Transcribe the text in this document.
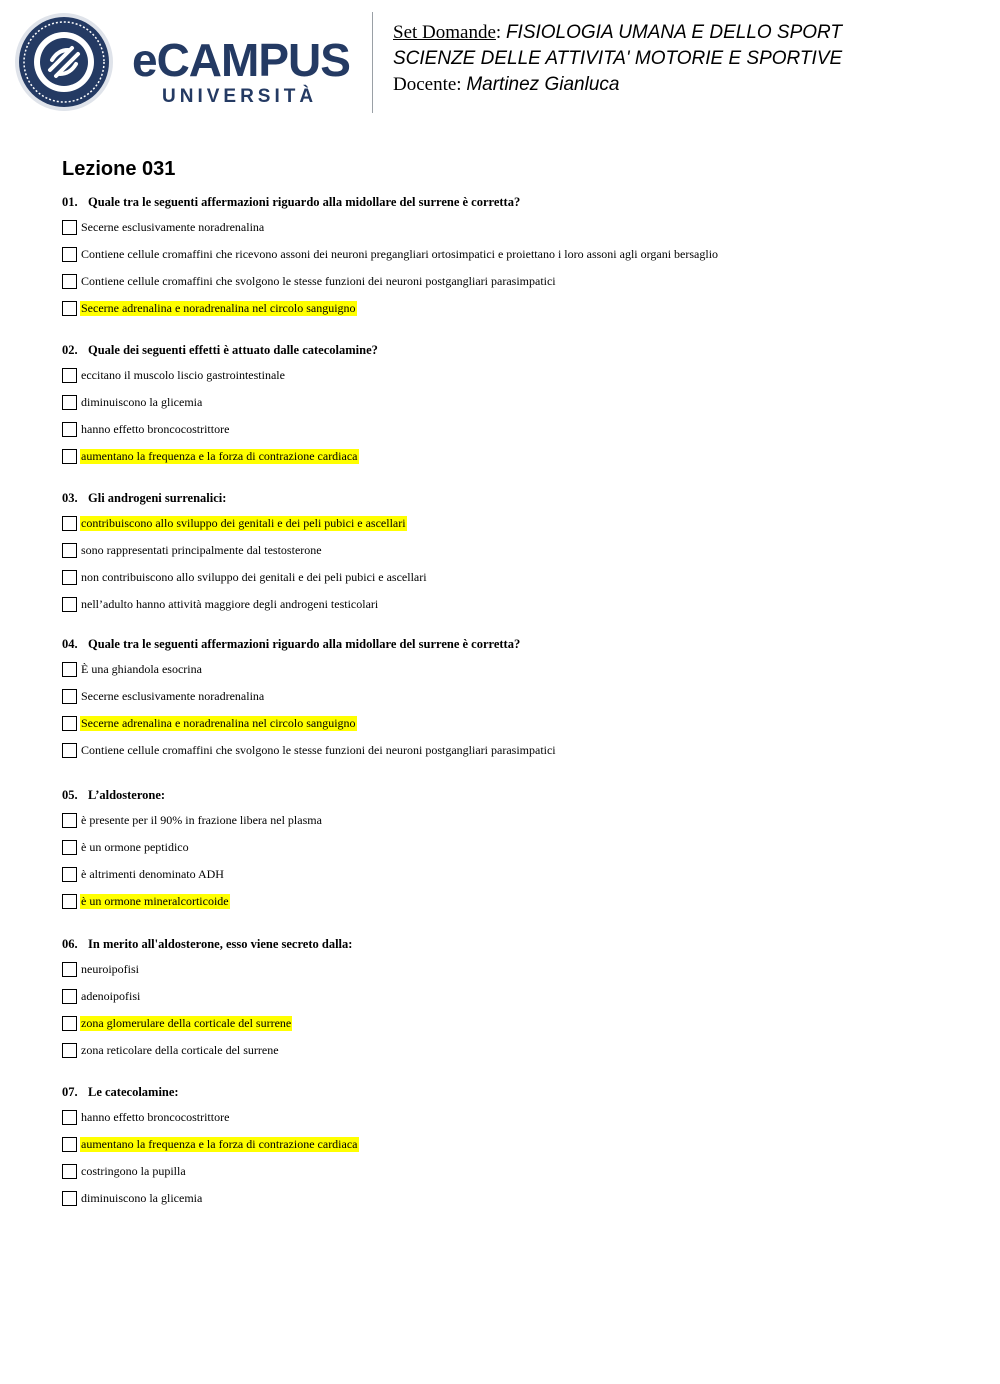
eCAMPUS
UNIVERSITÀ
Set Domande: FISIOLOGIA UMANA E DELLO SPORT
SCIENZE DELLE ATTIVITA' MOTORIE E SPORTIVE
Docente: Martinez Gianluca
Lezione 031
01. Quale tra le seguenti affermazioni riguardo alla midollare del surrene è corretta?
Secerne esclusivamente noradrenalina
Contiene cellule cromaffini che ricevono assoni dei neuroni pregangliari ortosimpatici e proiettano i loro assoni agli organi bersaglio
Contiene cellule cromaffini che svolgono le stesse funzioni dei neuroni postgangliari parasimpatici
Secerne adrenalina e noradrenalina nel circolo sanguigno
02. Quale dei seguenti effetti è attuato dalle catecolamine?
eccitano il muscolo liscio gastrointestinale
diminuiscono la glicemia
hanno effetto broncocostrittore
aumentano la frequenza e la forza di contrazione cardiaca
03. Gli androgeni surrenalici:
contribuiscono allo sviluppo dei genitali e dei peli pubici e ascellari
sono rappresentati principalmente dal testosterone
non contribuiscono allo sviluppo dei genitali e dei peli pubici e ascellari
nell’adulto hanno attività maggiore degli androgeni testicolari
04. Quale tra le seguenti affermazioni riguardo alla midollare del surrene è corretta?
È una ghiandola esocrina
Secerne esclusivamente noradrenalina
Secerne adrenalina e noradrenalina nel circolo sanguigno
Contiene cellule cromaffini che svolgono le stesse funzioni dei neuroni postgangliari parasimpatici
05. L’aldosterone:
è presente per il 90% in frazione libera nel plasma
è un ormone peptidico
è altrimenti denominato ADH
è un ormone mineralcorticoide
06. In merito all'aldosterone, esso viene secreto dalla:
neuroipofisi
adenoipofisi
zona glomerulare della corticale del surrene
zona reticolare della corticale del surrene
07. Le catecolamine:
hanno effetto broncocostrittore
aumentano la frequenza e la forza di contrazione cardiaca
costringono la pupilla
diminuiscono la glicemia
